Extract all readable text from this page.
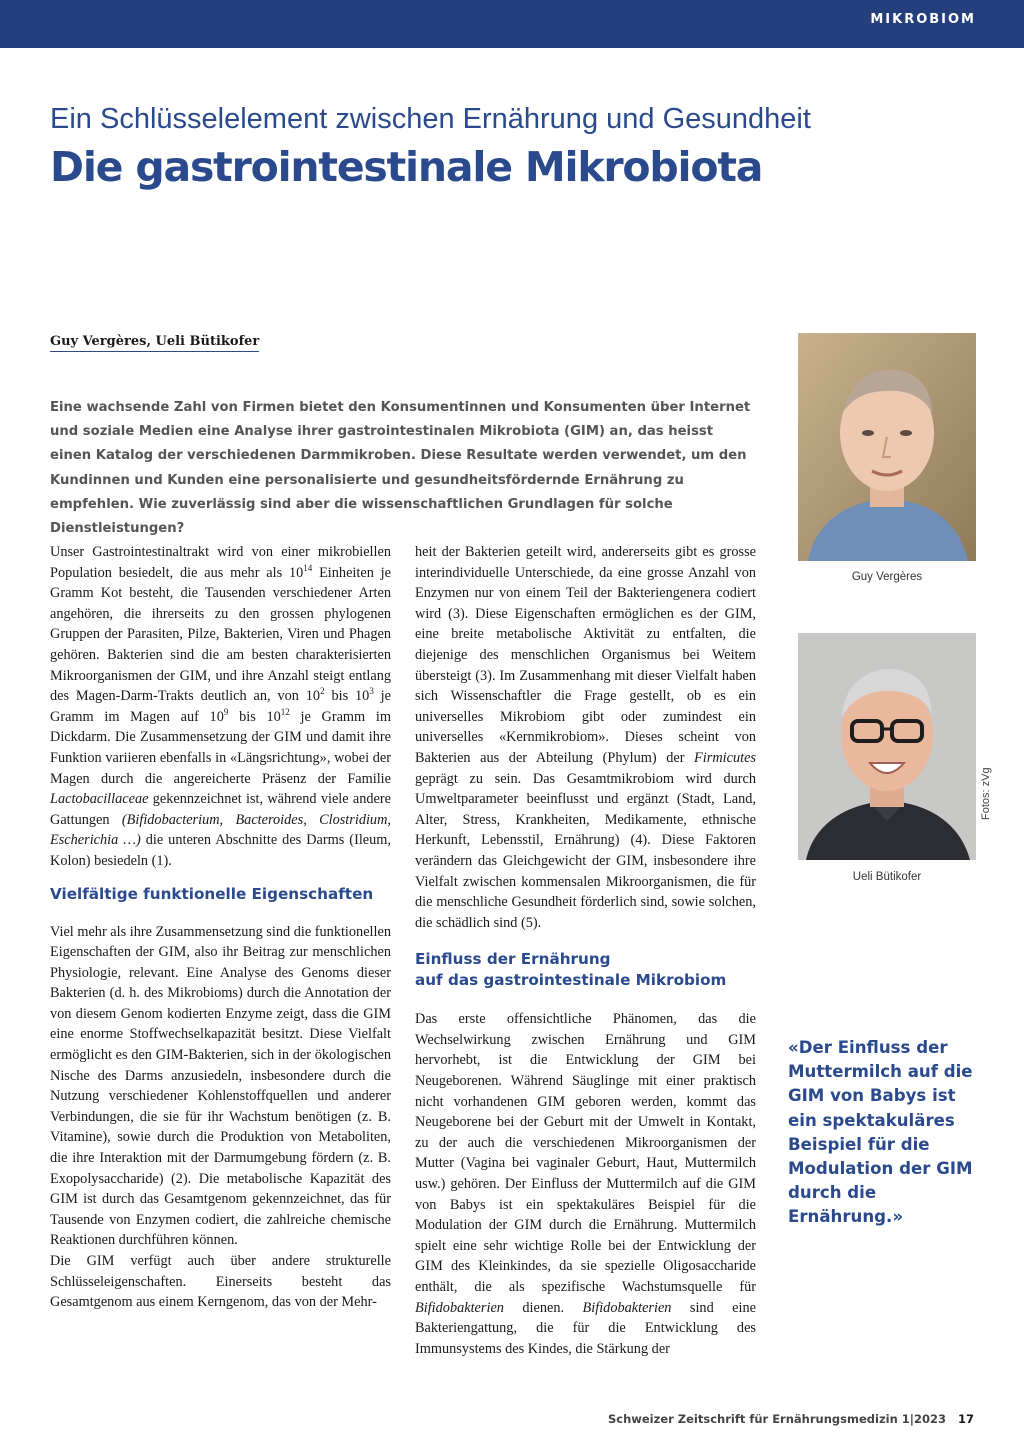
MIKROBIOM
Ein Schlüsselelement zwischen Ernährung und Gesundheit
Die gastrointestinale Mikrobiota
Guy Vergères, Ueli Bütikofer
Eine wachsende Zahl von Firmen bietet den Konsumentinnen und Konsumenten über Internet und soziale Medien eine Analyse ihrer gastrointestinalen Mikrobiota (GIM) an, das heisst einen Katalog der verschiedenen Darmmikroben. Diese Resultate werden verwendet, um den Kundinnen und Kunden eine personalisierte und gesundheitsfördernde Ernährung zu empfehlen. Wie zuverlässig sind aber die wissenschaftlichen Grundlagen für solche Dienstleistungen?
Guy Vergères
Ueli Bütikofer
Fotos: zVg

Unser Gastrointestinaltrakt wird von einer mikrobiellen Population besiedelt, die aus mehr als $10^{14}$ Einheiten je Gramm Kot besteht, die Tausenden verschiedener Arten angehören, die ihrerseits zu den grossen phylogenen Gruppen der Parasiten, Pilze, Bakterien, Viren und Phagen gehören. Bakterien sind die am besten charakterisierten Mikroorganismen der GIM, und ihre Anzahl steigt entlang des Magen-Darm-Trakts deutlich an, von $10^2$ bis $10^3$ je Gramm im Magen auf $10^9$ bis $10^{12}$ je Gramm im Dickdarm. Die Zusammensetzung der GIM und damit ihre Funktion variieren ebenfalls in «Längsrichtung», wobei der Magen durch die angereicherte Präsenz der Familie Lactobacillaceae gekennzeichnet ist, während viele andere Gattungen (Bifidobacterium, Bacteroides, Clostridium, Escherichia …) die unteren Abschnitte des Darms (Ileum, Kolon) besiedeln (1).

Vielfältige funktionelle Eigenschaften

Viel mehr als ihre Zusammensetzung sind die funktionellen Eigenschaften der GIM, also ihr Beitrag zur menschlichen Physiologie, relevant. Eine Analyse des Genoms dieser Bakterien (d. h. des Mikrobioms) durch die Annotation der von diesem Genom kodierten Enzyme zeigt, dass die GIM eine enorme Stoffwechselkapazität besitzt. Diese Vielfalt ermöglicht es den GIM-Bakterien, sich in der ökologischen Nische des Darms anzusiedeln, insbesondere durch die Nutzung verschiedener Kohlenstoffquellen und anderer Verbindungen, die sie für ihr Wachstum benötigen (z. B. Vitamine), sowie durch die Produktion von Metaboliten, die ihre Interaktion mit der Darmumgebung fördern (z. B. Exopolysaccharide) (2). Die metabolische Kapazität des GIM ist durch das Gesamtgenom gekennzeichnet, das für Tausende von Enzymen codiert, die zahlreiche chemische Reaktionen durchführen können.

Die GIM verfügt auch über andere strukturelle Schlüsseleigenschaften. Einerseits besteht das Gesamtgenom aus einem Kerngenom, das von der Mehr-

heit der Bakterien geteilt wird, andererseits gibt es grosse interindividuelle Unterschiede, da eine grosse Anzahl von Enzymen nur von einem Teil der Bakteriengenera codiert wird (3). Diese Eigenschaften ermöglichen es der GIM, eine breite metabolische Aktivität zu entfalten, die diejenige des menschlichen Organismus bei Weitem übersteigt (3). Im Zusammenhang mit dieser Vielfalt haben sich Wissenschaftler die Frage gestellt, ob es ein universelles Mikrobiom gibt oder zumindest ein universelles «Kernmikrobiom». Dieses scheint von Bakterien aus der Abteilung (Phylum) der Firmicutes geprägt zu sein. Das Gesamtmikrobiom wird durch Umweltparameter beeinflusst und ergänzt (Stadt, Land, Alter, Stress, Krankheiten, Medikamente, ethnische Herkunft, Lebensstil, Ernährung) (4). Diese Faktoren verändern das Gleichgewicht der GIM, insbesondere ihre Vielfalt zwischen kommensalen Mikroorganismen, die für die menschliche Gesundheit förderlich sind, sowie solchen, die schädlich sind (5).

Einfluss der Ernährung
auf das gastrointestinale Mikrobiom

Das erste offensichtliche Phänomen, das die Wechselwirkung zwischen Ernährung und GIM hervorhebt, ist die Entwicklung der GIM bei Neugeborenen. Während Säuglinge mit einer praktisch nicht vorhandenen GIM geboren werden, kommt das Neugeborene bei der Geburt mit der Umwelt in Kontakt, zu der auch die verschiedenen Mikroorganismen der Mutter (Vagina bei vaginaler Geburt, Haut, Muttermilch usw.) gehören. Der Einfluss der Muttermilch auf die GIM von Babys ist ein spektakuläres Beispiel für die Modulation der GIM durch die Ernährung. Muttermilch spielt eine sehr wichtige Rolle bei der Entwicklung der GIM des Kleinkindes, da sie spezielle Oligosaccharide enthält, die als spezifische Wachstumsquelle für Bifidobakterien dienen. Bifidobakterien sind eine Bakteriengattung, die für die Entwicklung des Immunsystems des Kindes, die Stärkung der

«Der Einfluss der Muttermilch auf die GIM von Babys ist ein spektakuläres Beispiel für die Modulation der GIM durch die Ernährung.»
Schweizer Zeitschrift für Ernährungsmedizin 1|2023 17
